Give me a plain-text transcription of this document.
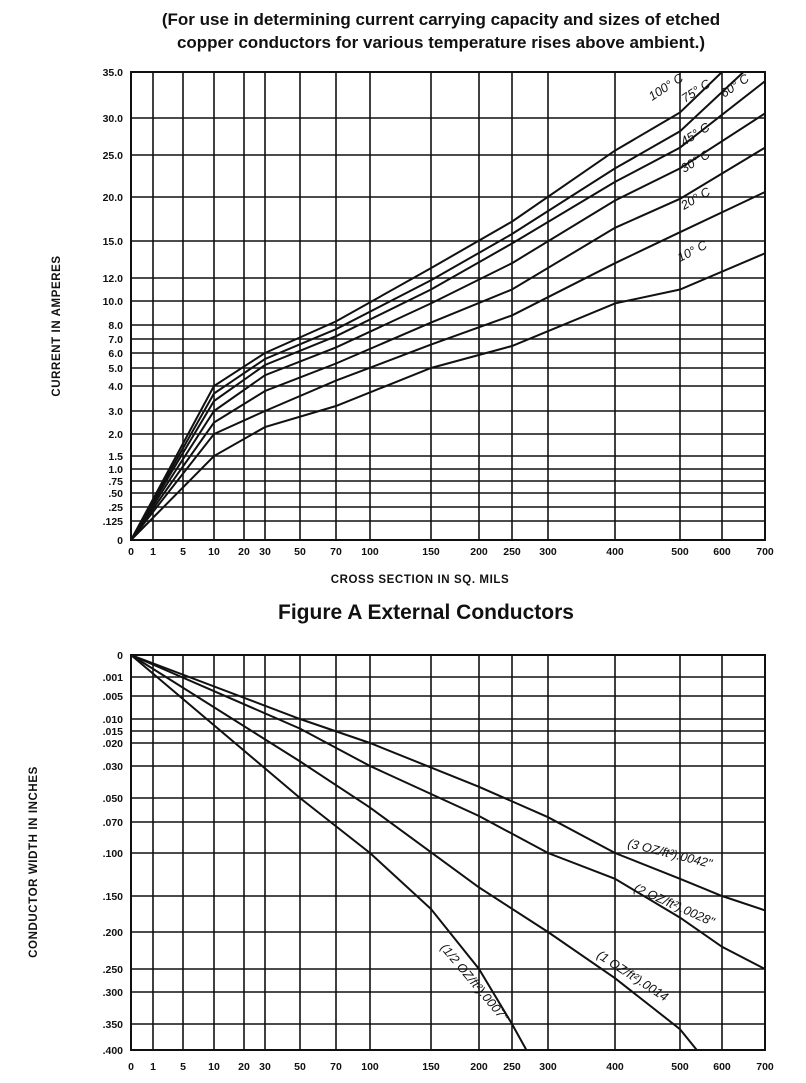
(For use in determining current carrying capacity and sizes of etched
copper conductors for various temperature rises above ambient.)
CROSS SECTION IN SQ. MILS
CURRENT IN AMPERES
Figure A External Conductors
CONDUCTOR WIDTH IN INCHES
0 1 5 10 20 30 50 70 100	150	200 250 300	400	500 600 700
0
.125
.25
.50
.75
1.0
1.5
2.0
3.0
4.0
5.0
6.0
7.0
8.0
10.0
12.0
15.0
20.0
25.0
30.0
35.0
10° C
20° C
30° C
45° C
60° C
75° C
100° C
0 1 5 10 20 30 50 70 100	150	200 250 300	400	500 600 700
0
.001
.005
.010
.015
.020
.030
.050
.070
.100
.150
.200
.250
.300
.350
.400
(1/2 OZ/ft²).0007"	(1 OZ/ft²).0014
(2 OZ/ft²).0028"
(3 OZ/ft²).0042"
